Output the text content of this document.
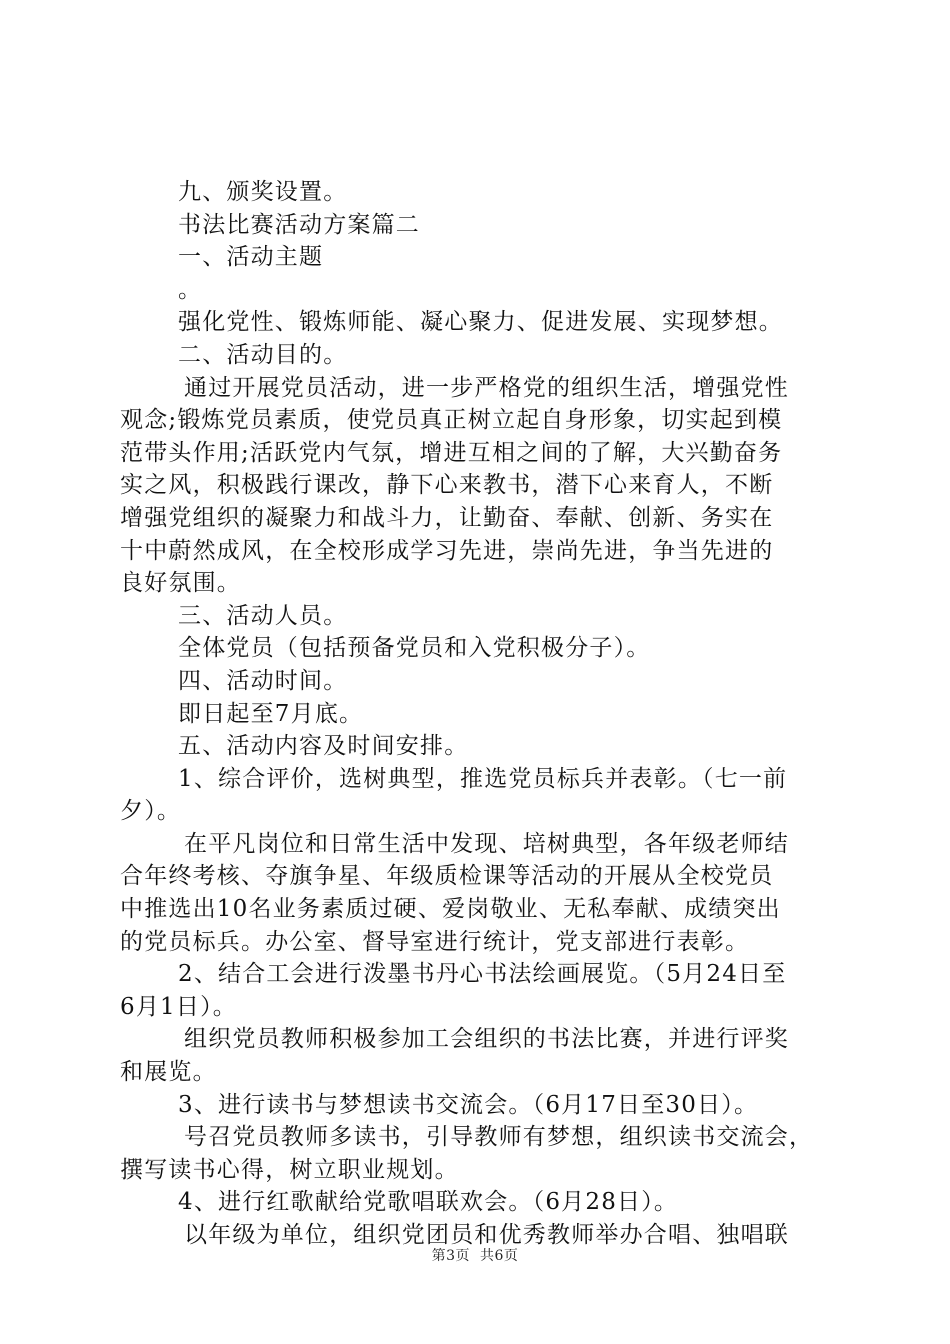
九、颁奖设置。
书法比赛活动方案篇二
一、活动主题
。
强化党性、锻炼师能、凝心聚力、促进发展、实现梦想。
二、活动目的。
通过开展党员活动，进一步严格党的组织生活，增强党性
观念;锻炼党员素质，使党员真正树立起自身形象，切实起到模
范带头作用;活跃党内气氛，增进互相之间的了解，大兴勤奋务
实之风，积极践行课改，静下心来教书，潜下心来育人，不断
增强党组织的凝聚力和战斗力，让勤奋、奉献、创新、务实在
十中蔚然成风，在全校形成学习先进，崇尚先进，争当先进的
良好氛围。
三、活动人员。
全体党员（包括预备党员和入党积极分子）。
四、活动时间。
即日起至7月底。
五、活动内容及时间安排。
1、综合评价，选树典型，推选党员标兵并表彰。（七一前
夕）。
在平凡岗位和日常生活中发现、培树典型，各年级老师结
合年终考核、夺旗争星、年级质检课等活动的开展从全校党员
中推选出10名业务素质过硬、爱岗敬业、无私奉献、成绩突出
的党员标兵。办公室、督导室进行统计，党支部进行表彰。
2、结合工会进行泼墨书丹心书法绘画展览。（5月24日至
6月1日）。
组织党员教师积极参加工会组织的书法比赛，并进行评奖
和展览。
3、进行读书与梦想读书交流会。（6月17日至30日）。
号召党员教师多读书，引导教师有梦想，组织读书交流会，
撰写读书心得，树立职业规划。
4、进行红歌献给党歌唱联欢会。（6月28日）。
以年级为单位，组织党团员和优秀教师举办合唱、独唱联
第3页 共6页
